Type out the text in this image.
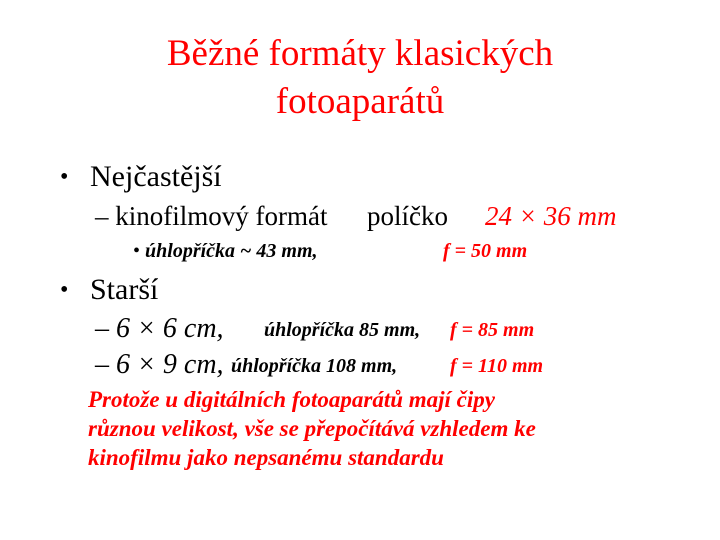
Běžné formáty klasických
fotoaparátů
• Nejčastější
– kinofilmový formát políčko 24 × 36 mm
• úhlopříčka ~ 43 mm,	f = 50 mm
• Starší
– 6 × 6 cm, úhlopříčka 85 mm, f = 85 mm
– 6 × 9 cm, úhlopříčka 108 mm,	f = 110 mm
Protože u digitálních fotoaparátů mají čipy
různou velikost, vše se přepočítává vzhledem ke
kinofilmu jako nepsanému standardu
